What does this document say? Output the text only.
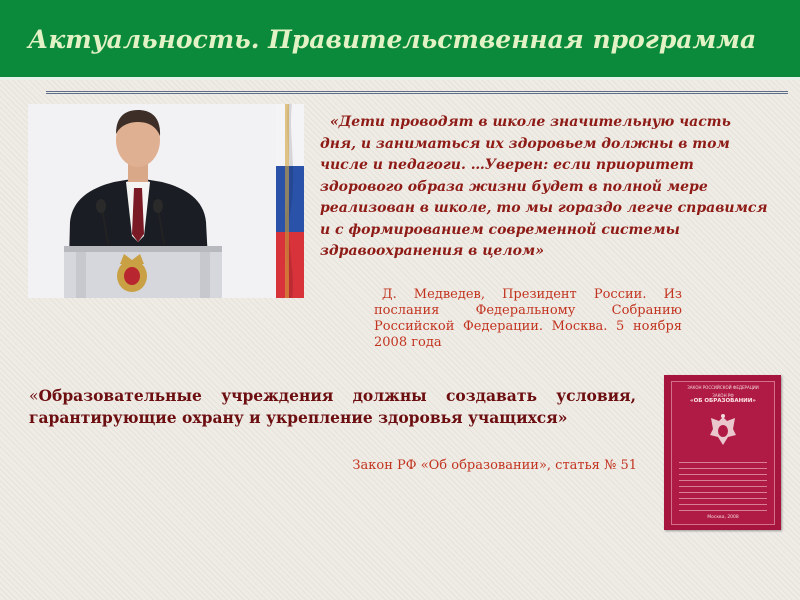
Актуальность. Правительственная программа
«Дети проводят в школе значительную часть дня, и заниматься их здоровьем должны в том числе и педагоги. …Уверен: если приоритет здорового образа жизни будет в полной мере реализован в школе, то мы гораздо легче справимся и с формированием современной системы здравоохранения в целом»
Д. Медведев, Президент России. Из послания Федеральному Собранию Российской Федерации. Москва. 5 ноября 2008 года
«Образовательные учреждения должны создавать условия, гарантирующие охрану и укрепление здоровья учащихся»
Закон РФ «Об образовании», статья № 51
ЗАКОН РОССИЙСКОЙ ФЕДЕРАЦИИ
ЗАКОН РФ
«ОБ ОБРАЗОВАНИИ»
Москва, 2008
